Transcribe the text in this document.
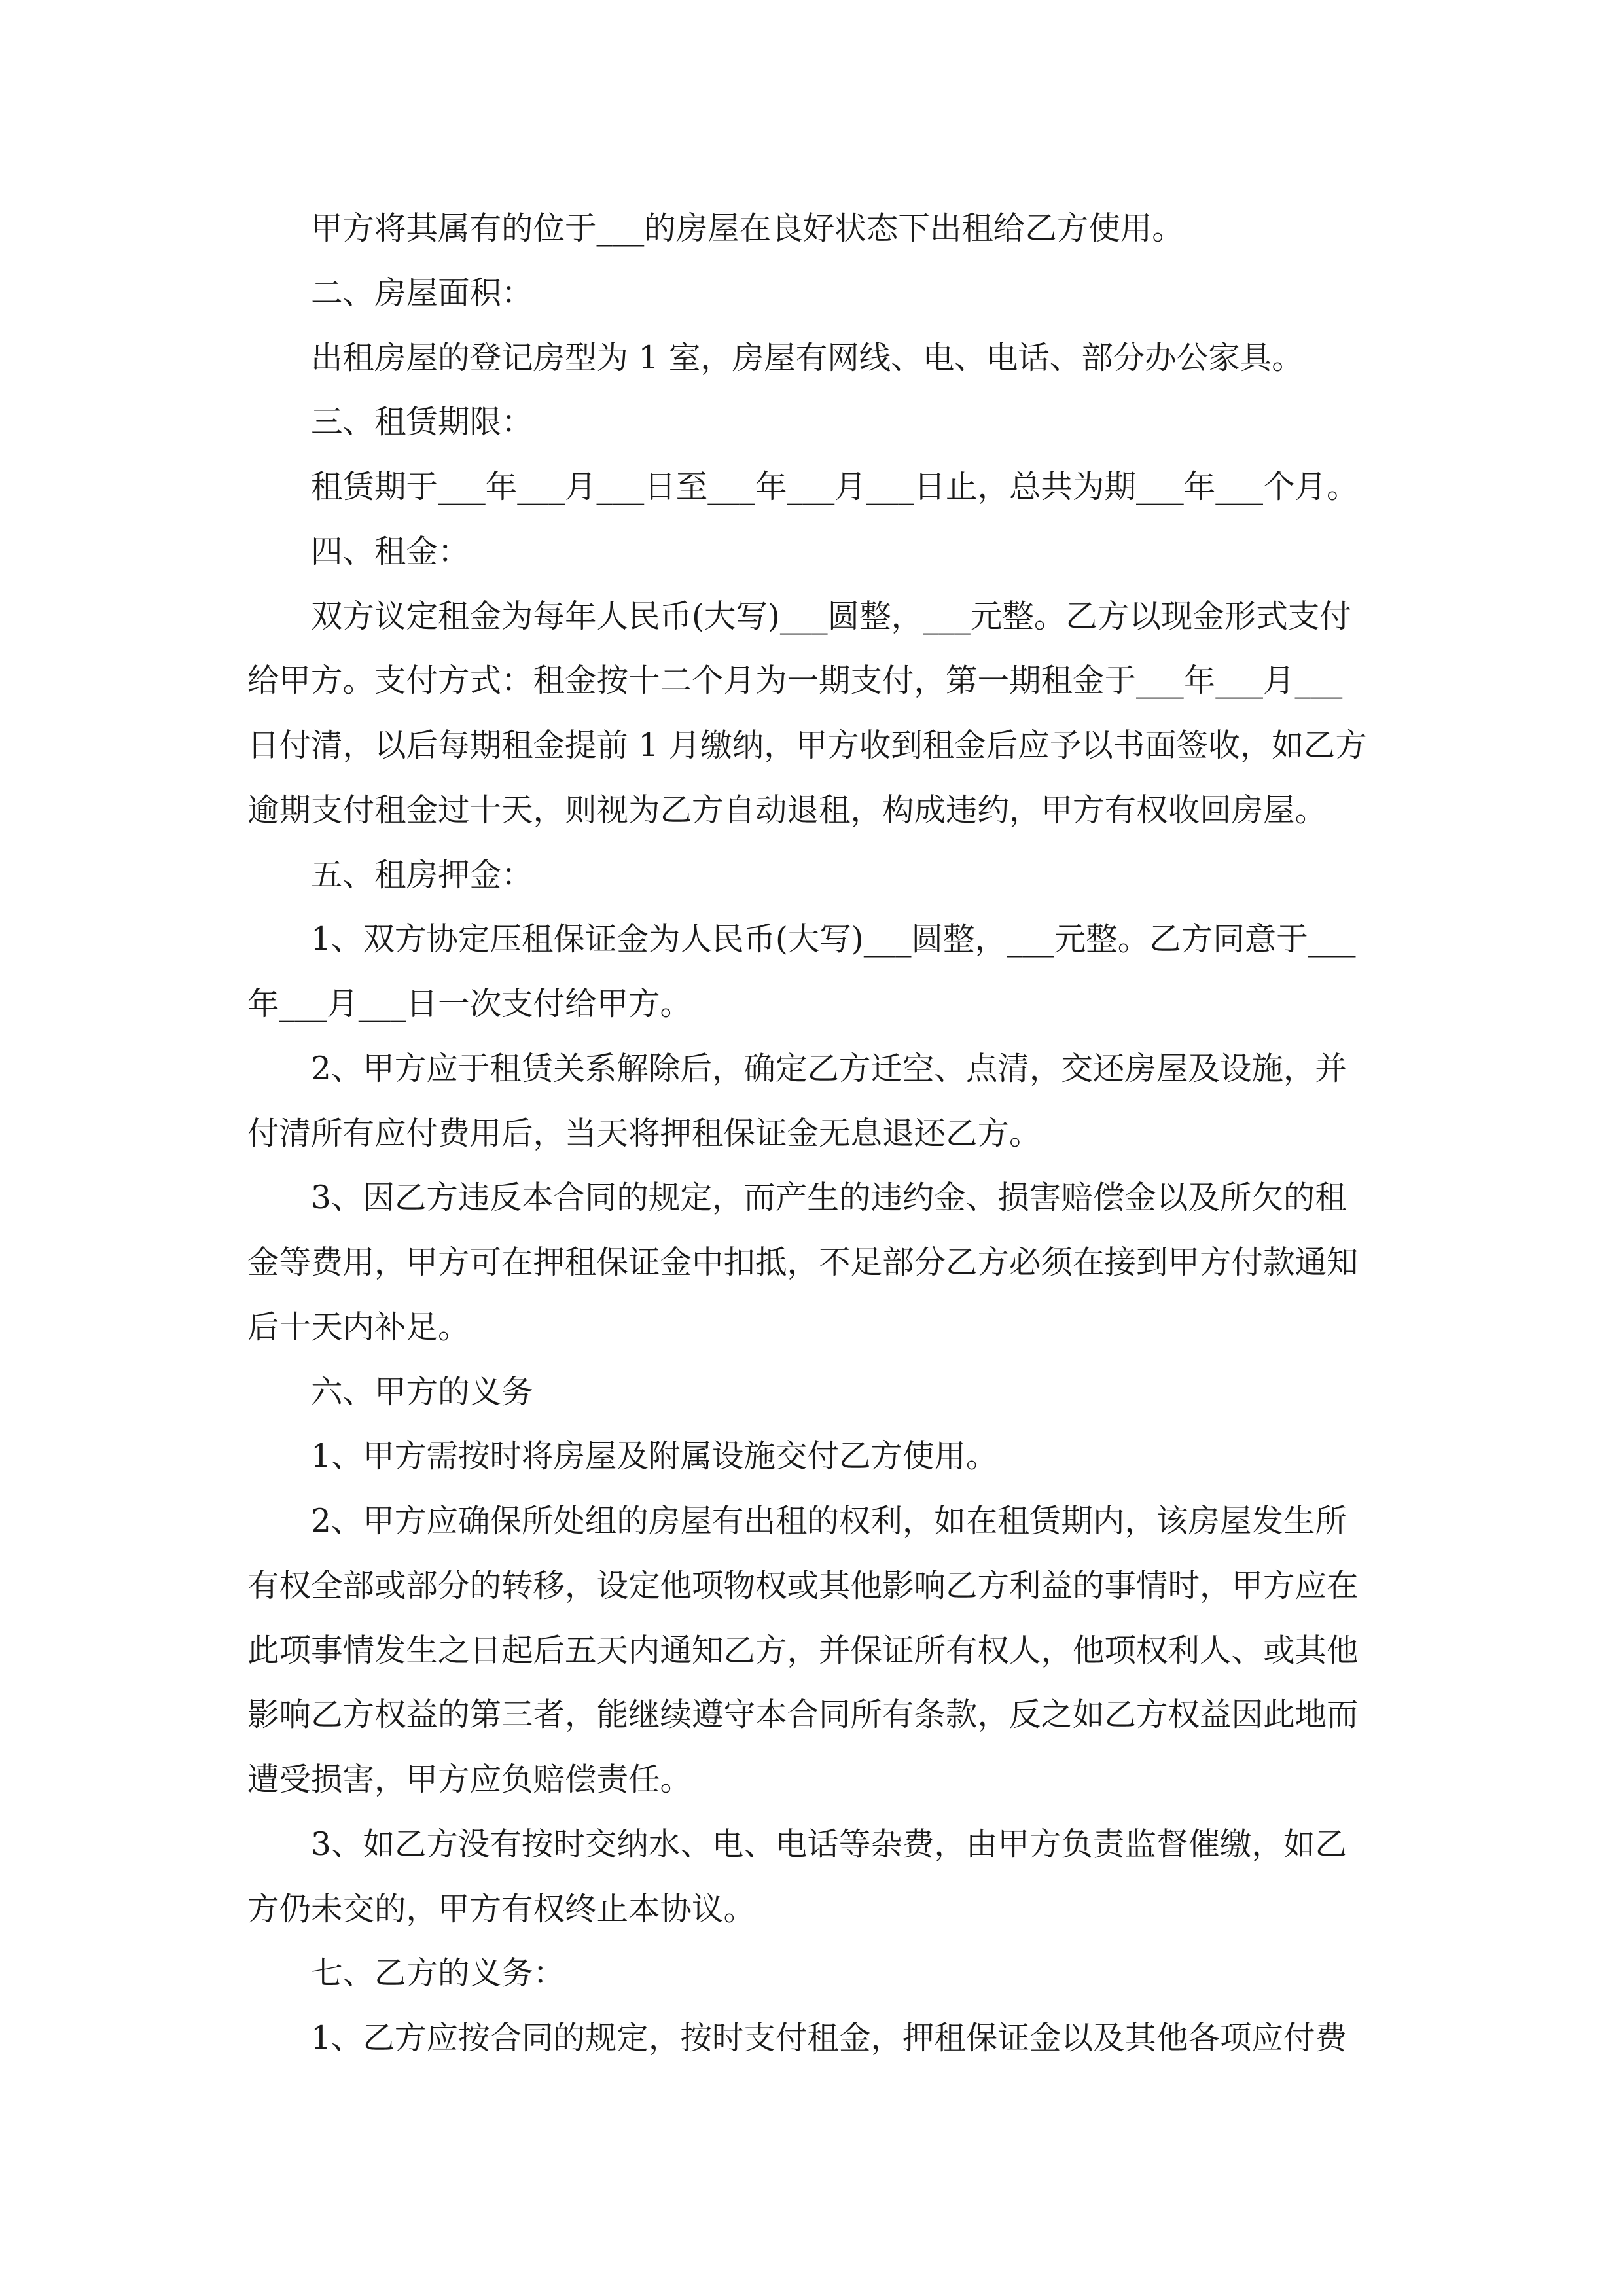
甲方将其属有的位于___的房屋在良好状态下出租给乙方使用。
二、房屋面积：
出租房屋的登记房型为 1 室，房屋有网线、电、电话、部分办公家具。
三、租赁期限：
租赁期于___年___月___日至___年___月___日止，总共为期___年___个月。
四、租金：
双方议定租金为每年人民币(大写)___圆整，___元整。乙方以现金形式支付
给甲方。支付方式：租金按十二个月为一期支付，第一期租金于___年___月___
日付清，以后每期租金提前 1 月缴纳，甲方收到租金后应予以书面签收，如乙方
逾期支付租金过十天，则视为乙方自动退租，构成违约，甲方有权收回房屋。
五、租房押金：
1、双方协定压租保证金为人民币(大写)___圆整，___元整。乙方同意于___
年___月___日一次支付给甲方。
2、甲方应于租赁关系解除后，确定乙方迁空、点清，交还房屋及设施，并
付清所有应付费用后，当天将押租保证金无息退还乙方。
3、因乙方违反本合同的规定，而产生的违约金、损害赔偿金以及所欠的租
金等费用，甲方可在押租保证金中扣抵，不足部分乙方必须在接到甲方付款通知
后十天内补足。
六、甲方的义务
1、甲方需按时将房屋及附属设施交付乙方使用。
2、甲方应确保所处组的房屋有出租的权利，如在租赁期内，该房屋发生所
有权全部或部分的转移，设定他项物权或其他影响乙方利益的事情时，甲方应在
此项事情发生之日起后五天内通知乙方，并保证所有权人，他项权利人、或其他
影响乙方权益的第三者，能继续遵守本合同所有条款，反之如乙方权益因此地而
遭受损害，甲方应负赔偿责任。
3、如乙方没有按时交纳水、电、电话等杂费，由甲方负责监督催缴，如乙
方仍未交的，甲方有权终止本协议。
七、乙方的义务：
1、乙方应按合同的规定，按时支付租金，押租保证金以及其他各项应付费
